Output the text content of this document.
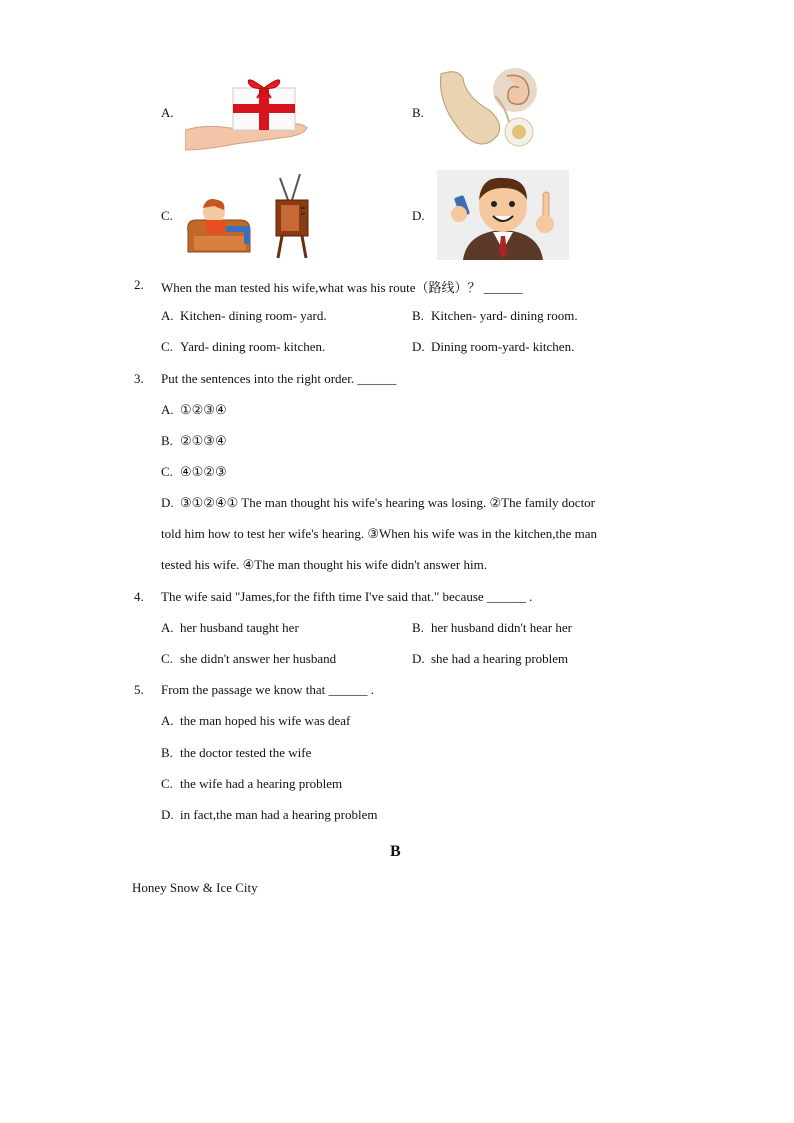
A.	B.
C.	D.
2. When the man tested his wife,what was his route（路线）？ ______
A. Kitchen- dining room- yard.	B. Kitchen- yard- dining room.
C. Yard- dining room- kitchen.	D. Dining room-yard- kitchen.
3. Put the sentences into the right order. ______
A. ①②③④
B. ②①③④
C. ④①②③
D. ③①②④① The man thought his wife's hearing was losing. ②The family doctor
told him how to test her wife's hearing. ③When his wife was in the kitchen,the man
tested his wife. ④The man thought his wife didn't answer him.
4. The wife said "James,for the fifth time I've said that." because ______ .
A. her husband taught her	B. her husband didn't hear her
C. she didn't answer her husband	D. she had a hearing problem
5. From the passage we know that ______ .
A. the man hoped his wife was deaf
B. the doctor tested the wife
C. the wife had a hearing problem
D. in fact,the man had a hearing problem
B
Honey Snow & Ice City
